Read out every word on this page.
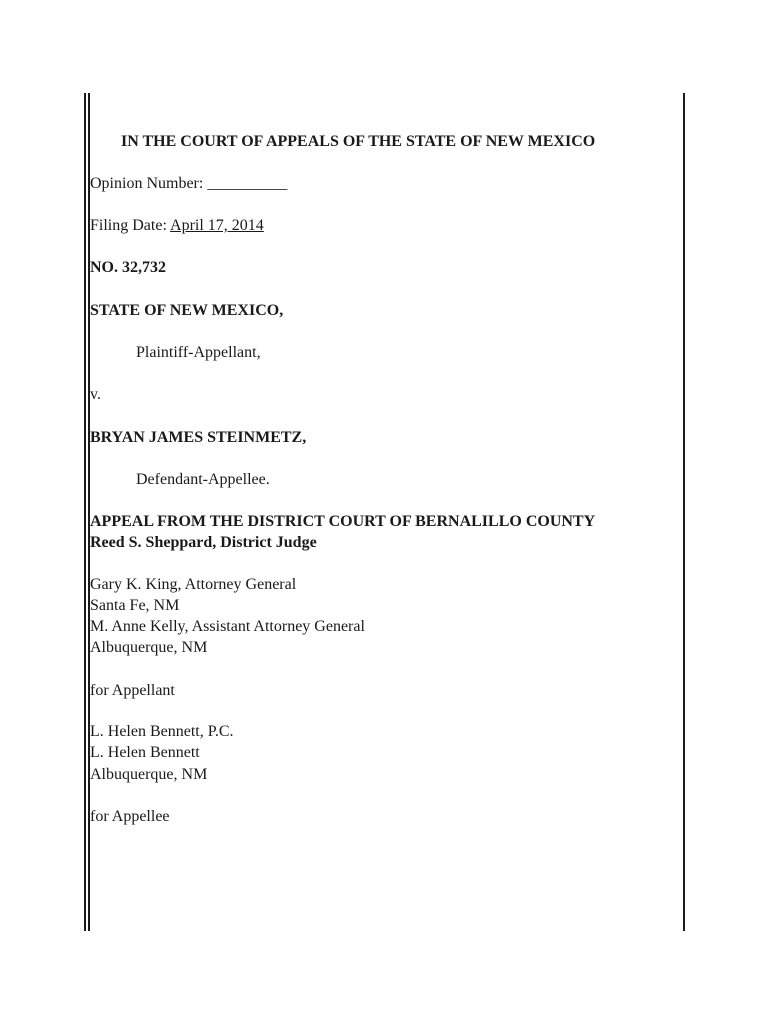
IN THE COURT OF APPEALS OF THE STATE OF NEW MEXICO
Opinion Number: __________
Filing Date: April 17, 2014
NO. 32,732
STATE OF NEW MEXICO,
Plaintiff-Appellant,
v.
BRYAN JAMES STEINMETZ,
Defendant-Appellee.
APPEAL FROM THE DISTRICT COURT OF BERNALILLO COUNTY
Reed S. Sheppard, District Judge
Gary K. King, Attorney General
Santa Fe, NM
M. Anne Kelly, Assistant Attorney General
Albuquerque, NM
for Appellant
L. Helen Bennett, P.C.
L. Helen Bennett
Albuquerque, NM
for Appellee
